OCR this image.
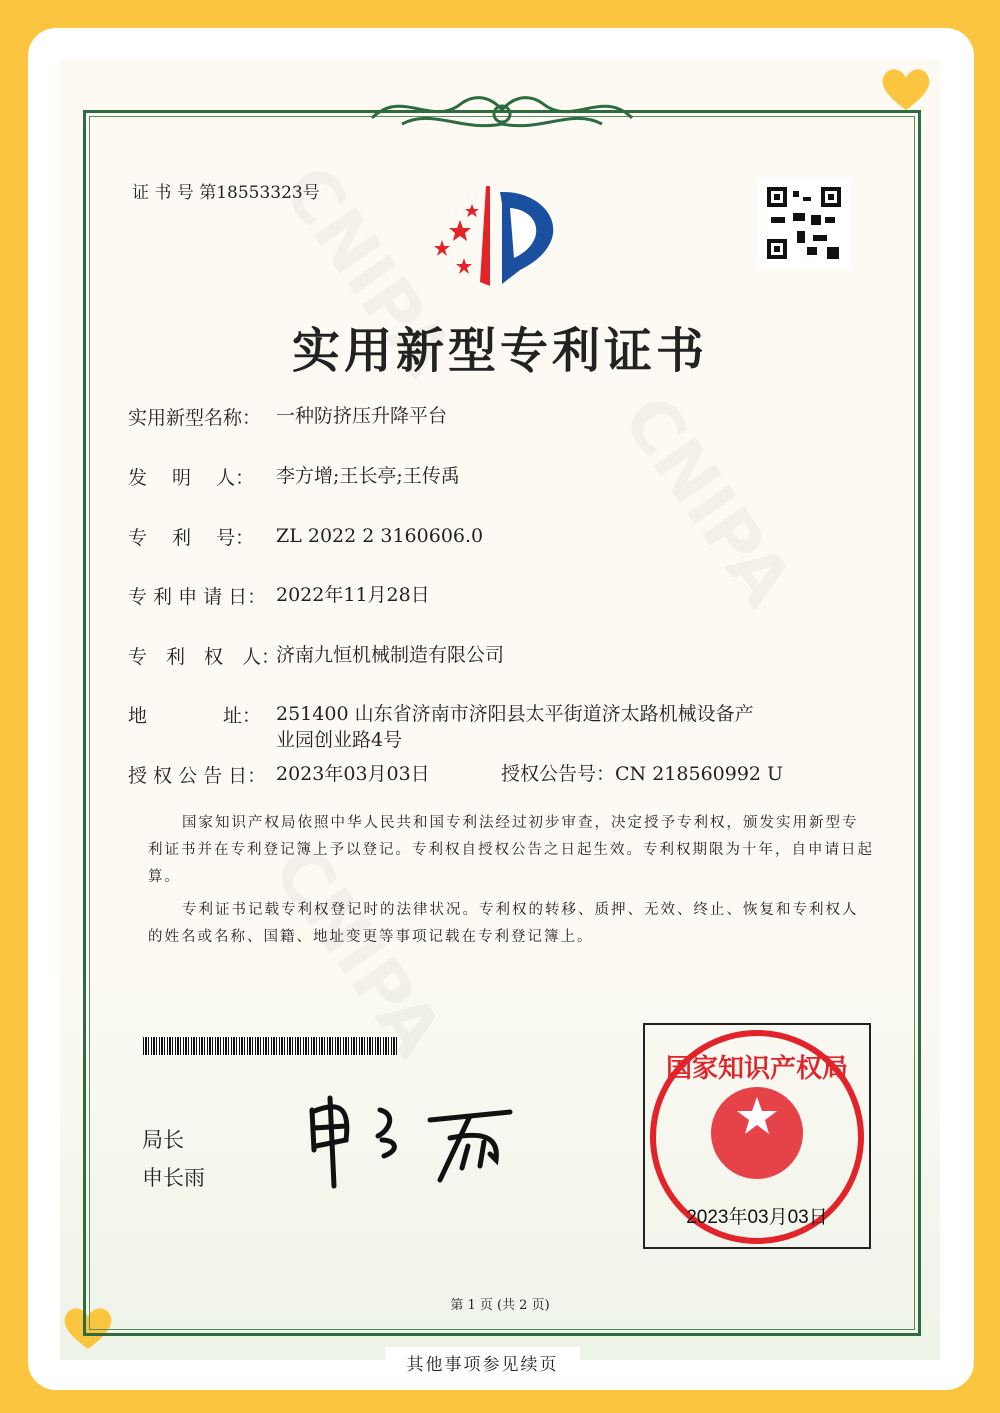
证 书 号 第18553323号
实用新型专利证书
实用新型名称： 一种防挤压升降平台
发　 明　 人：	李方增;王长亭;王传禹
专　 利　 号：	ZL 2022 2 3160606.0
专 利 申 请 日： 2022年11月28日
专　利　权　人：
济南九恒机械制造有限公司
地　　　　址： 251400 山东省济南市济阳县太平街道济太路机械设备产
业园创业路4号
授 权 公 告 日： 2023年03月03日	授权公告号： CN 218560992 U

国家知识产权局依照中华人民共和国专利法经过初步审查，决定授予专利权，颁发实用新型专利证书并在专利登记簿上予以登记。专利权自授权公告之日起生效。专利权期限为十年，自申请日起算。

专利证书记载专利权登记时的法律状况。专利权的转移、质押、无效、终止、恢复和专利权人的姓名或名称、国籍、地址变更等事项记载在专利登记簿上。

局长
申长雨
国家知识产权局
2023年03月03日
第 1 页 (共 2 页)
其他事项参见续页
